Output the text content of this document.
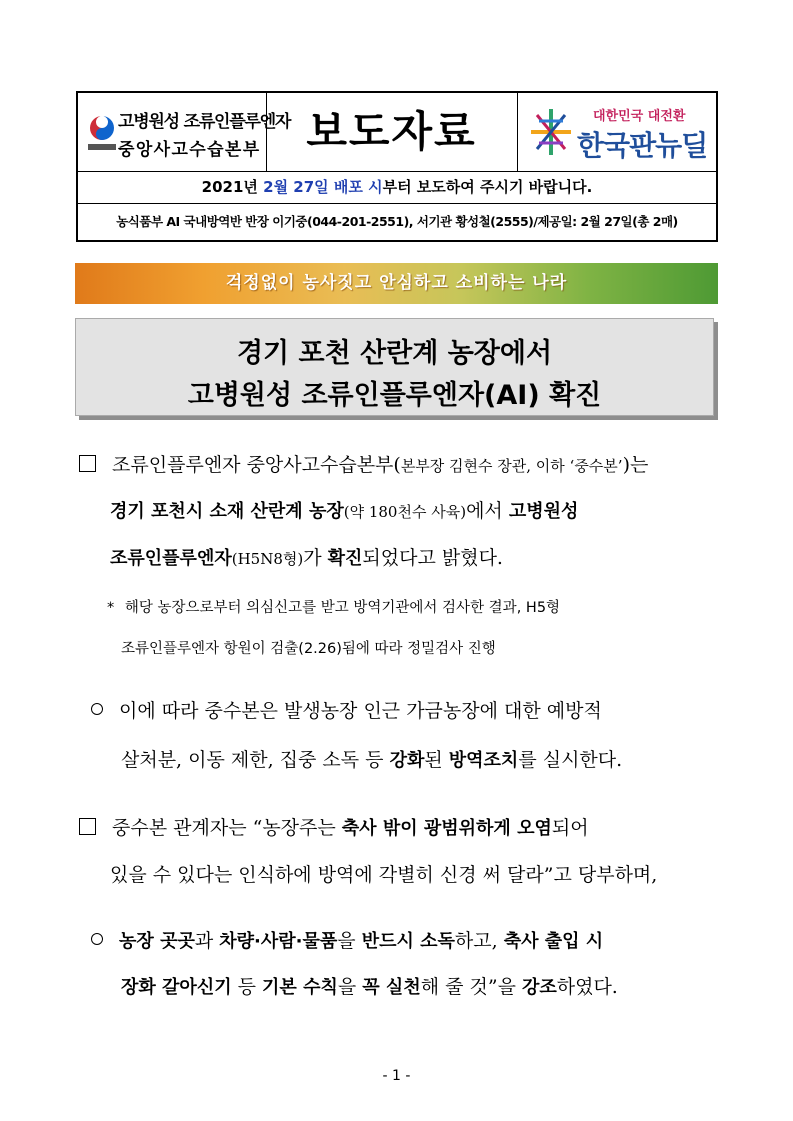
고병원성 조류인플루엔자
중앙사고수습본부	보도자료	대한민국 대전환
한국판뉴딜
2021년 2월 27일 배포 시부터 보도하여 주시기 바랍니다.
농식품부 AI 국내방역반 반장 이기중(044-201-2551), 서기관 황성철(2555)/제공일: 2월 27일(총 2매)
걱정없이 농사짓고 안심하고 소비하는 나라
경기 포천 산란계 농장에서
고병원성 조류인플루엔자(AI) 확진
조류인플루엔자 중앙사고수습본부(본부장 김현수 장관, 이하 ‘중수본’)는
경기 포천시 소재 산란계 농장(약 180천수 사육)에서 고병원성
조류인플루엔자(H5N8형)가 확진되었다고 밝혔다.
* 해당 농장으로부터 의심신고를 받고 방역기관에서 검사한 결과, H5형
조류인플루엔자 항원이 검출(2.26)됨에 따라 정밀검사 진행
이에 따라 중수본은 발생농장 인근 가금농장에 대한 예방적
살처분, 이동 제한, 집중 소독 등 강화된 방역조치를 실시한다.
중수본 관계자는 “농장주는 축사 밖이 광범위하게 오염되어
있을 수 있다는 인식하에 방역에 각별히 신경 써 달라”고 당부하며,
농장 곳곳과 차량·사람·물품을 반드시 소독하고, 축사 출입 시
장화 갈아신기 등 기본 수칙을 꼭 실천해 줄 것”을 강조하였다.
- 1 -
